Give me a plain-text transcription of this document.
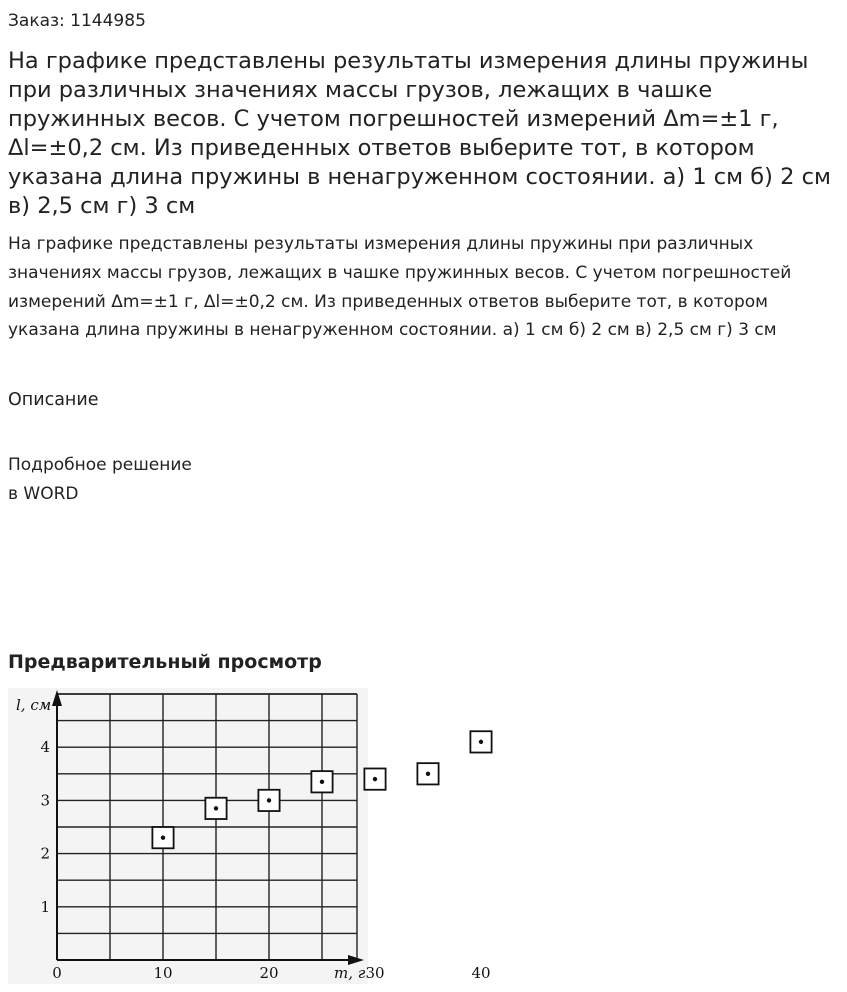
Заказ: 1144985
На графике представлены результаты измерения длины пружины при различных значениях массы грузов, лежащих в чашке пружинных весов. С учетом погрешностей измерений Δm=±1 г, Δl=±0,2 см. Из приведенных ответов выберите тот, в котором указана длина пружины в ненагруженном состоянии. а) 1 см б) 2 см в) 2,5 см г) 3 см

На графике представлены результаты измерения длины пружины при различных значениях массы грузов, лежащих в чашке пружинных весов. С учетом погрешностей измерений Δm=±1 г, Δl=±0,2 см. Из приведенных ответов выберите тот, в котором указана длина пружины в ненагруженном состоянии. а) 1 см б) 2 см в) 2,5 см г) 3 см

Описание
Подробное решение
в WORD
Предварительный просмотр
0	10	20	30	40
1
2
3
4
l, см
m, г
